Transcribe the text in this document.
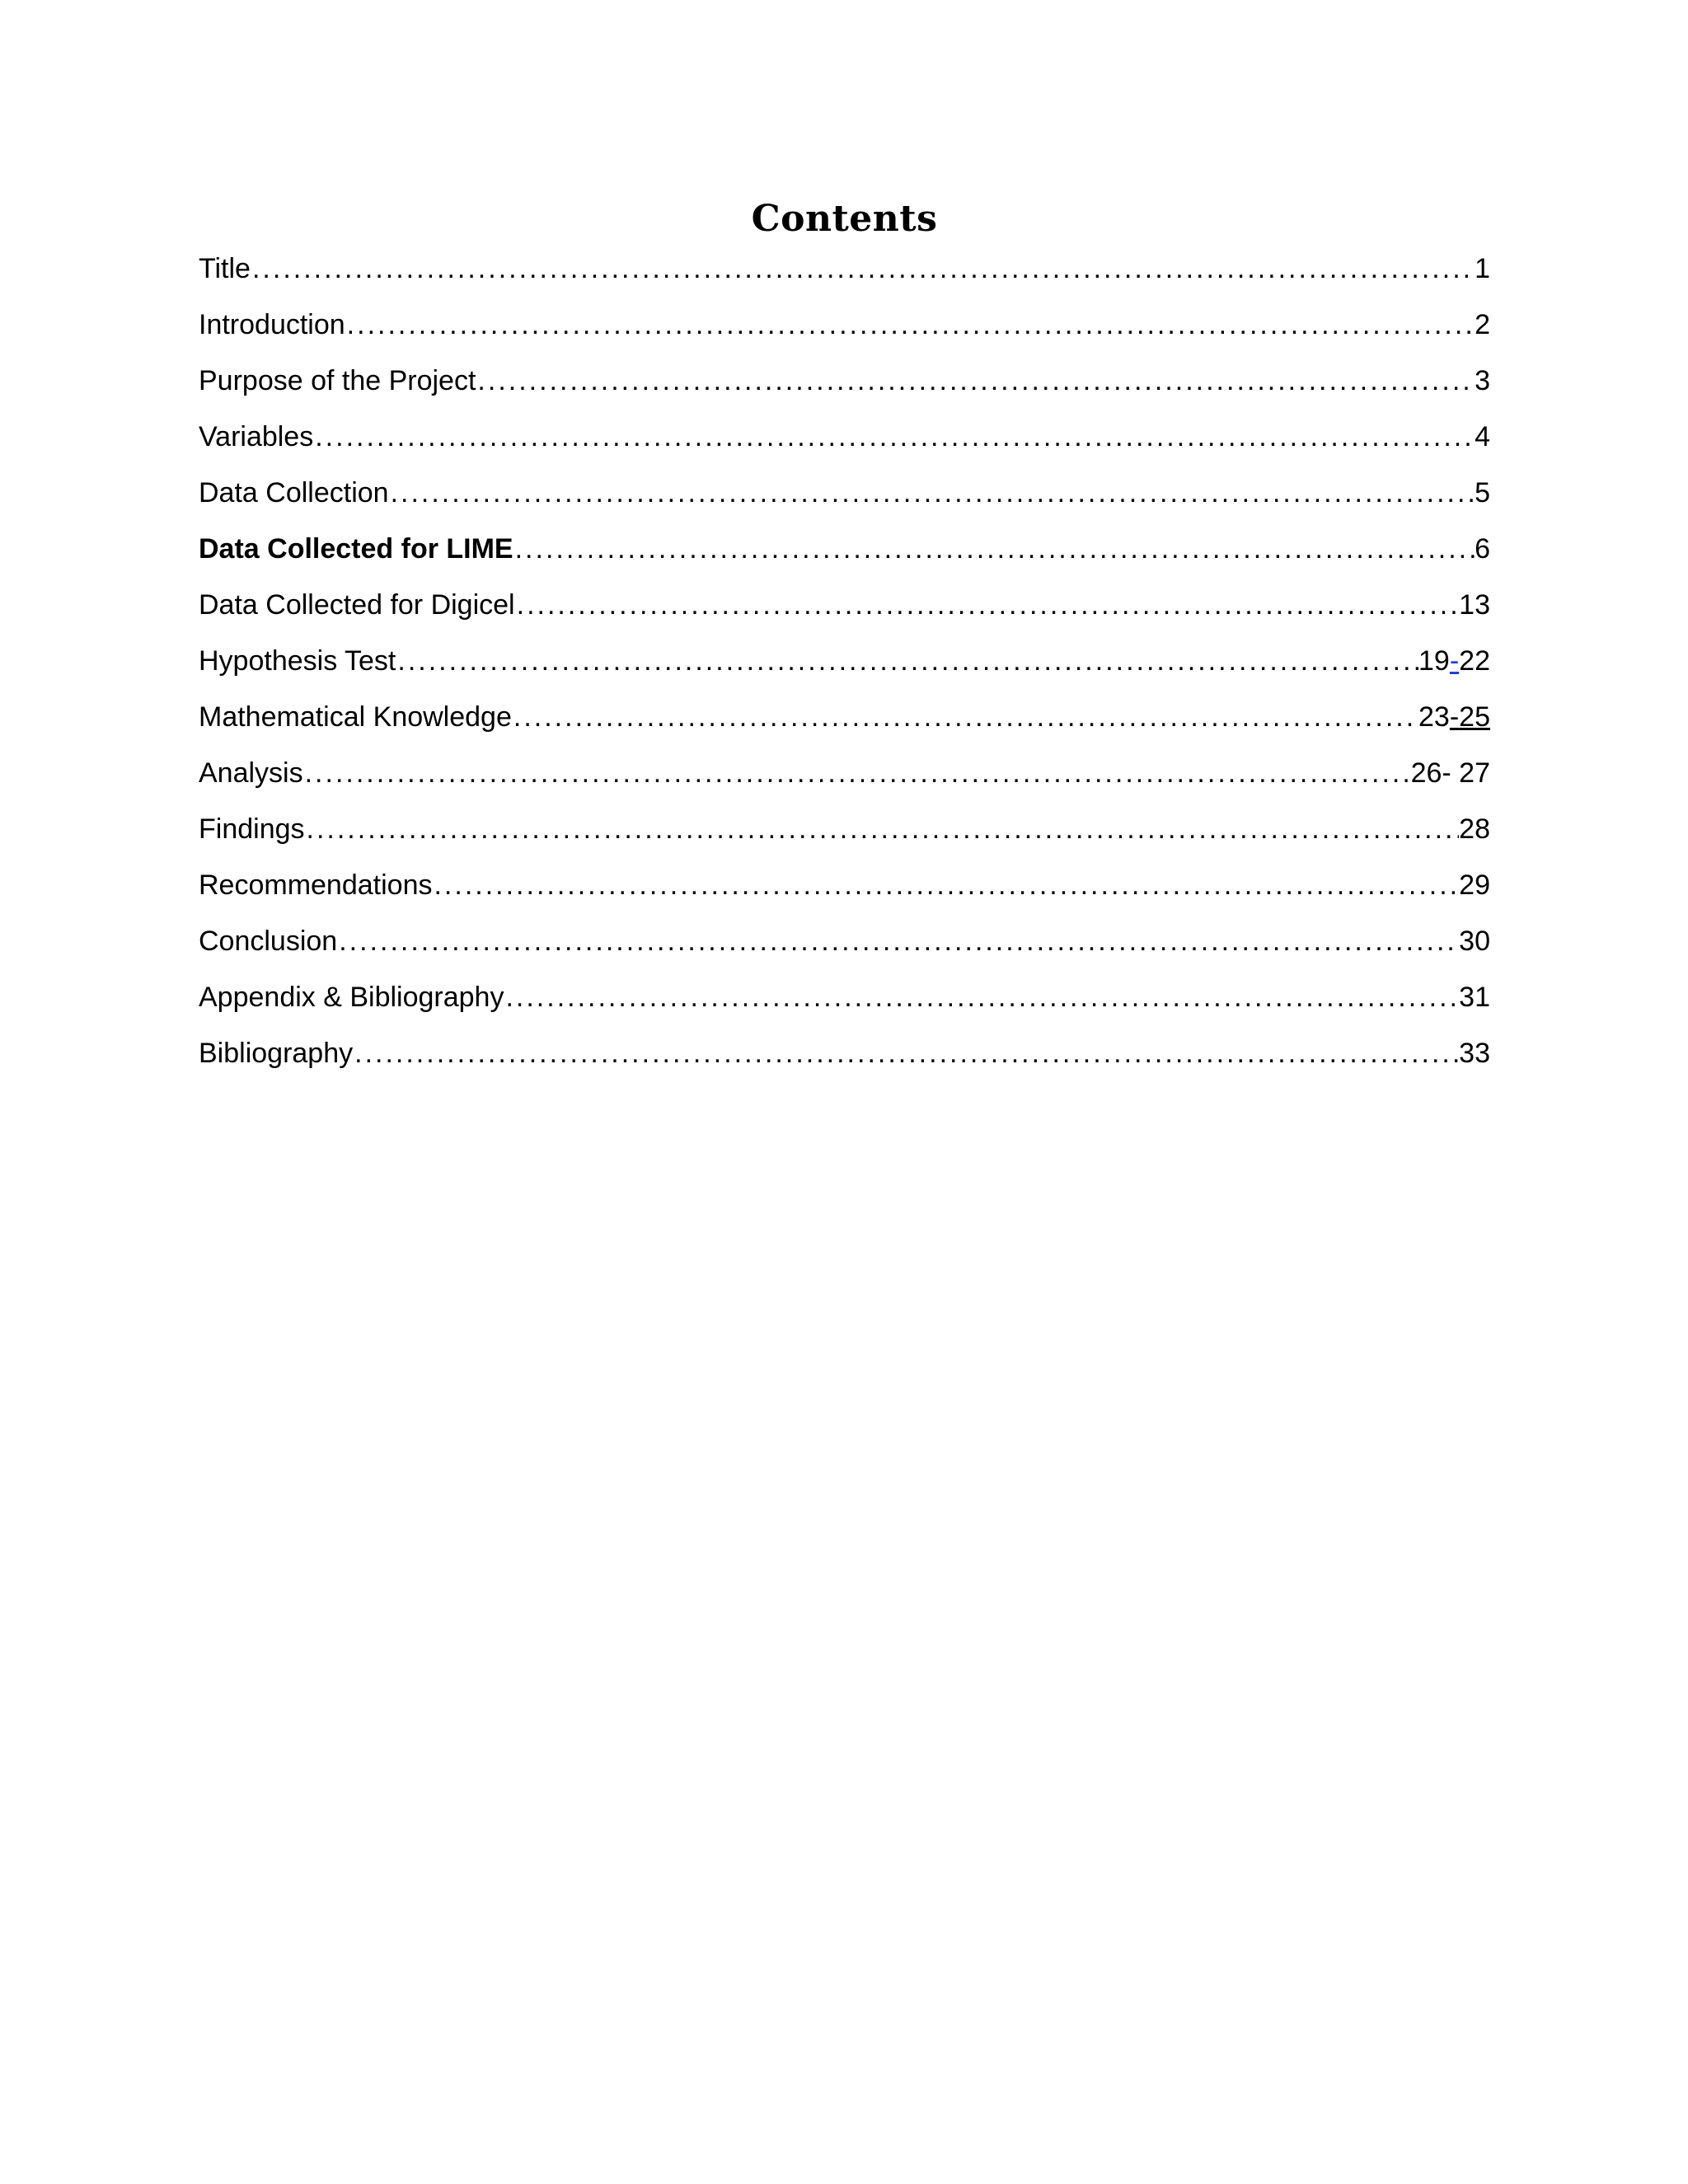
Contents
Title .....	1
Introduction .....	2
Purpose of the Project .....	3
Variables .....	4
Data Collection .....	5
Data Collected for LIME .....	6
Data Collected for Digicel .....	13
Hypothesis Test .....	19-22
Mathematical Knowledge .....	23-25
Analysis .....	26- 27
Findings .....	28
Recommendations .....	29
Conclusion .....	30
Appendix & Bibliography .....	31
Bibliography .....	33
